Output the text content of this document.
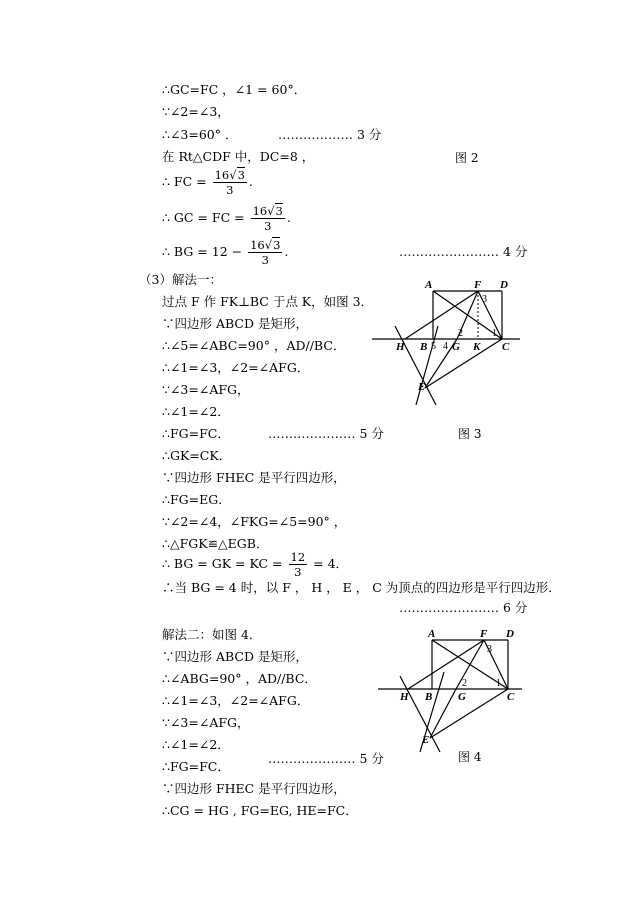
∴GC=FC ，∠1 = 60°．
∵∠2=∠3，
∴∠3=60° ．	……………… 3 分
在 Rt△CDF 中，DC=8 ，	图 2
∴ FC = $\frac{16√3}{3}$ .
∴ GC = FC = $\frac{16√3}{3}$ .
∴ BG = $12 - \frac{16√3}{3}$ .	…………………… 4 分
（3）解法一：
过点 F 作 FK⊥BC 于点 K，如图 3．
∵四边形 ABCD 是矩形，
∴∠5=∠ABC=90° ，AD//BC．
∴∠1=∠3，∠2=∠AFG．
∵∠3=∠AFG，
∴∠1=∠2．
∴FG=FC．	………………… 5 分	图 3
∴GK=CK．
∵四边形 FHEC 是平行四边形，
∴FG=EG．
∵∠2=∠4，∠FKG=∠5=90° ，
∴△FGK≌△EGB．
∴ BG = GK = KC = $\frac{12}{3} = 4$．
∴当 BG = 4 时，以 F ， H ， E ， C 为顶点的四边形是平行四边形．
…………………… 6 分
解法二：如图 4．
∵四边形 ABCD 是矩形，
∴∠ABG=90° ，AD//BC．
∴∠1=∠3，∠2=∠AFG．
∵∠3=∠AFG，
∴∠1=∠2．
∴FG=FC．
………………… 5 分	图 4
∵四边形 FHEC 是平行四边形，
∴CG = HG , FG=EG, HE=FC．
A	F D
H B G K C
E
3
2	1
5 4
A	F D
H B G	C
E
3
2	1
